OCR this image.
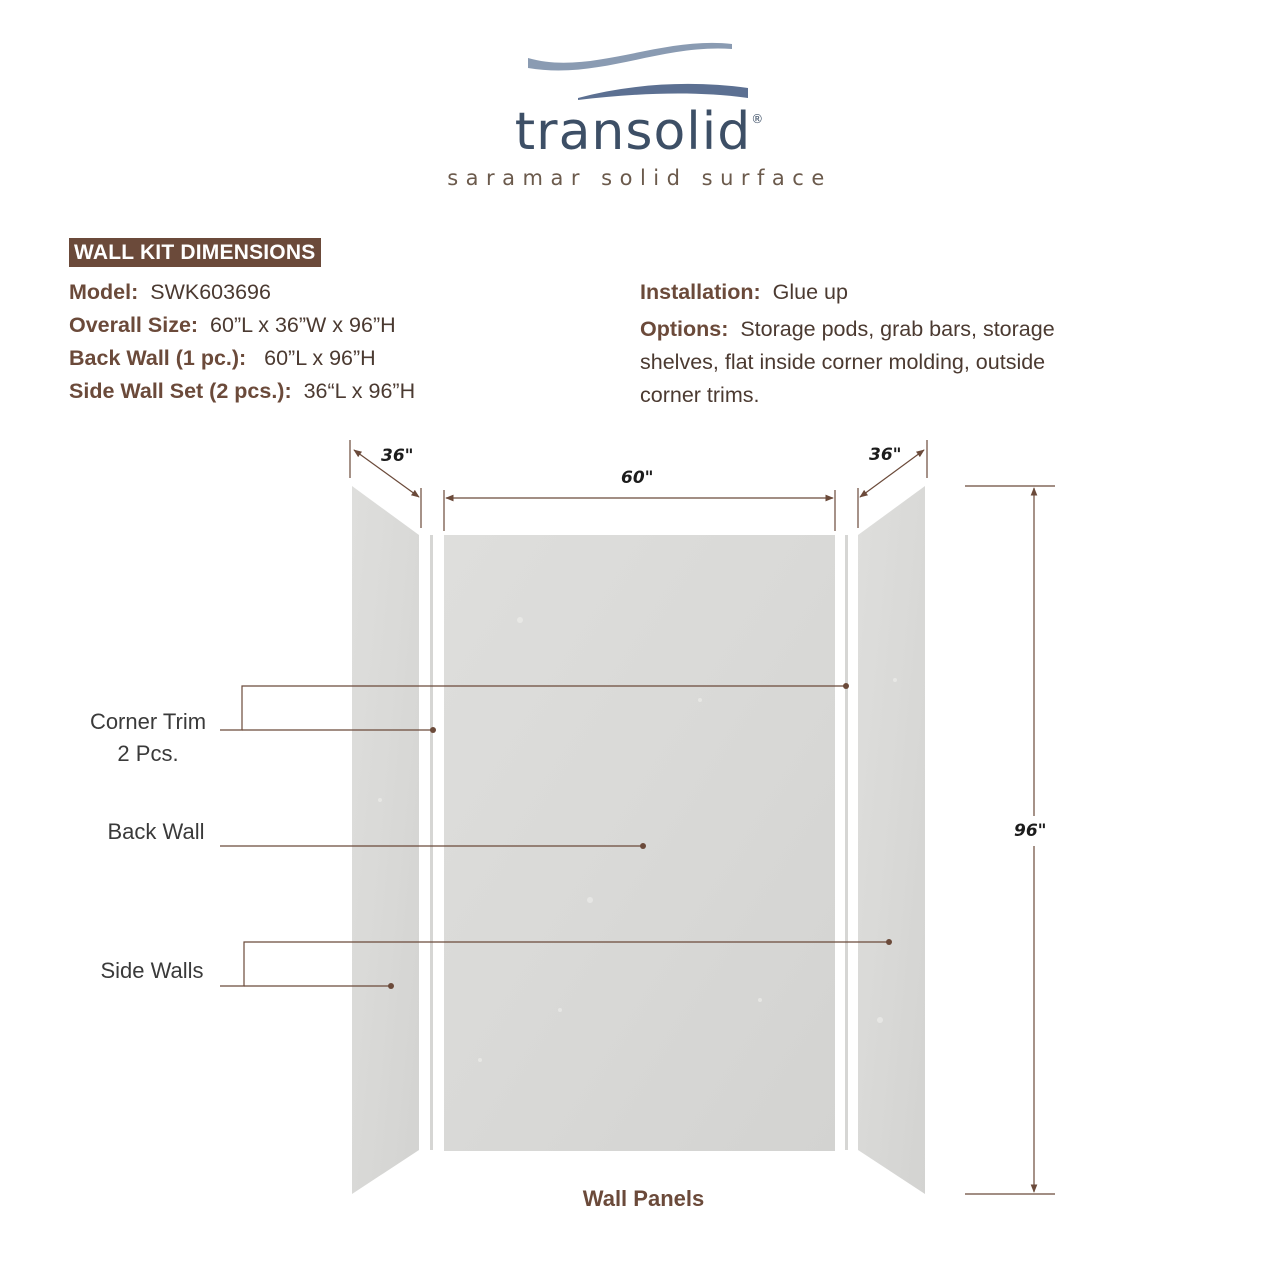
transolid®
saramar solid surface
WALL KIT DIMENSIONS
Model: SWK603696
Overall Size: 60”L x 36”W x 96”H
Back Wall (1 pc.): 60”L x 96”H
Side Wall Set (2 pcs.): 36“L x 96”H
Installation: Glue up
Options: Storage pods, grab bars, storage
shelves, flat inside corner molding, outside
corner trims.
36"
60"
36"
96"
Corner Trim
2 Pcs.
Back Wall
Side Walls
Wall Panels
